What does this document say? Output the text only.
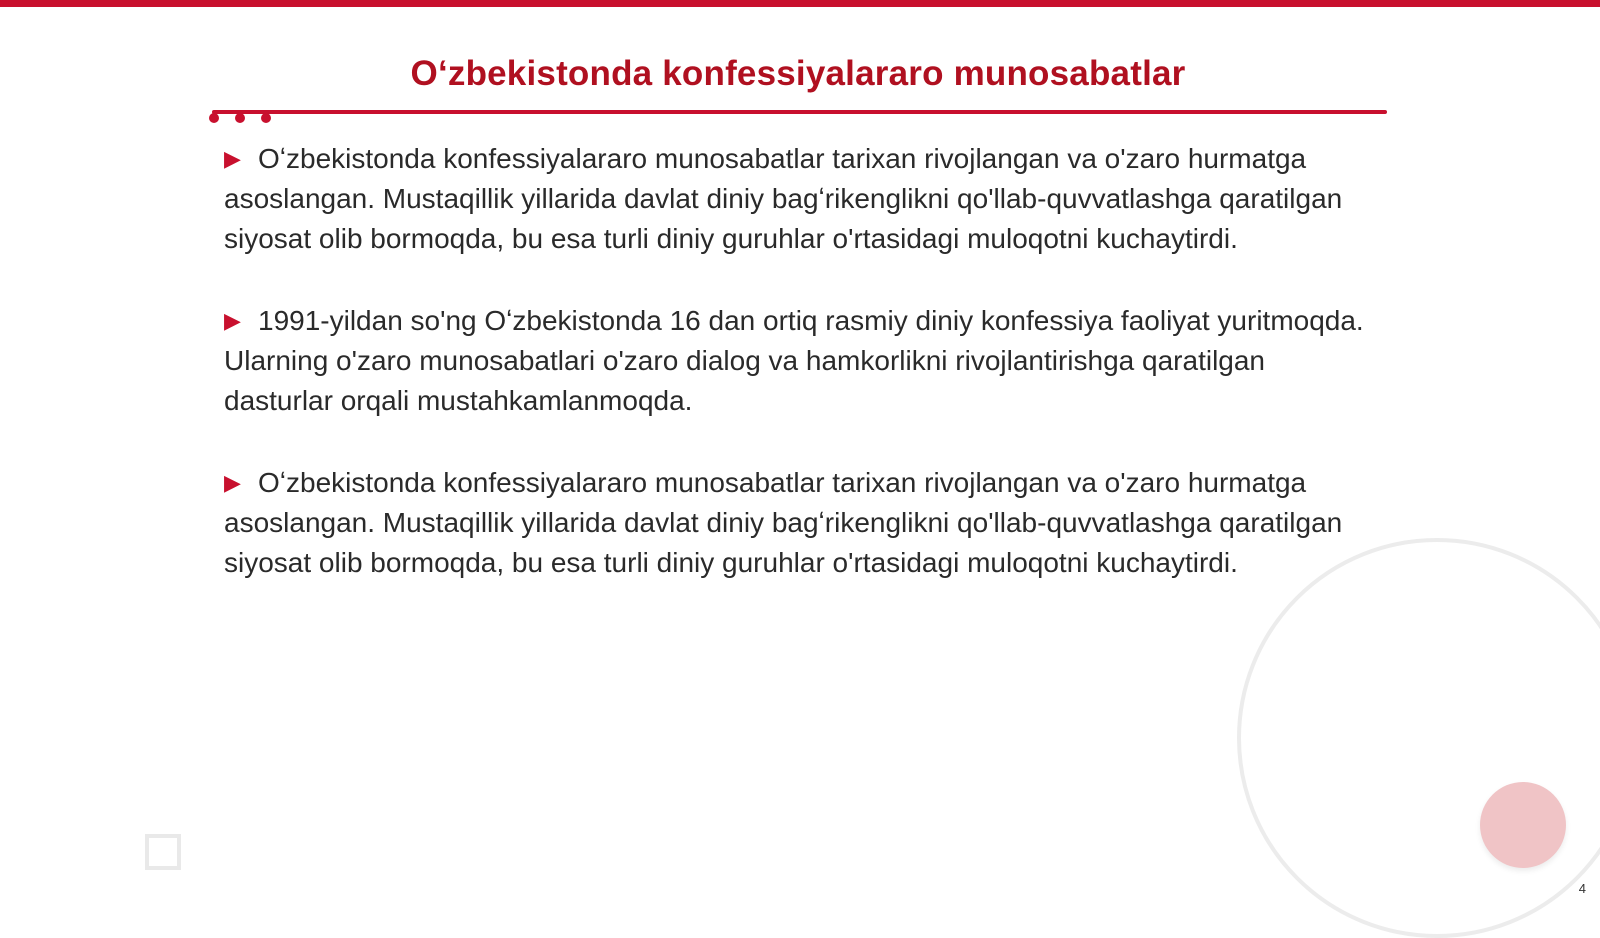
Oʻzbekistonda konfessiyalararo munosabatlar

▶ Oʻzbekistonda konfessiyalararo munosabatlar tarixan rivojlangan va o'zaro hurmatga asoslangan. Mustaqillik yillarida davlat diniy bagʻrikenglikni qo'llab-quvvatlashga qaratilgan siyosat olib bormoqda, bu esa turli diniy guruhlar o'rtasidagi muloqotni kuchaytirdi.

▶ 1991-yildan so'ng Oʻzbekistonda 16 dan ortiq rasmiy diniy konfessiya faoliyat yuritmoqda. Ularning o'zaro munosabatlari o'zaro dialog va hamkorlikni rivojlantirishga qaratilgan dasturlar orqali mustahkamlanmoqda.

▶ Oʻzbekistonda konfessiyalararo munosabatlar tarixan rivojlangan va o'zaro hurmatga asoslangan. Mustaqillik yillarida davlat diniy bagʻrikenglikni qo'llab-quvvatlashga qaratilgan siyosat olib bormoqda, bu esa turli diniy guruhlar o'rtasidagi muloqotni kuchaytirdi.

4
